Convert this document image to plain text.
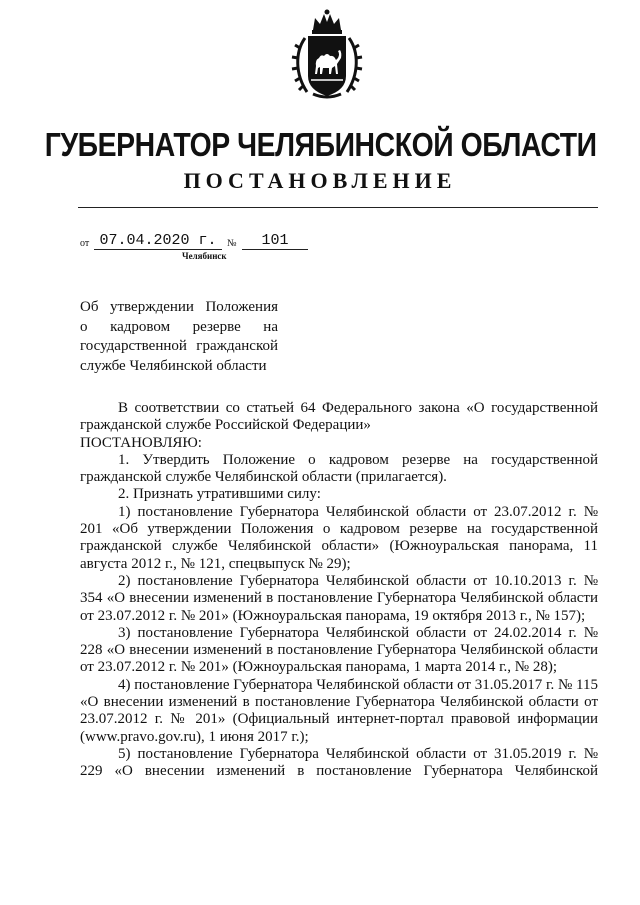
ГУБЕРНАТОР ЧЕЛЯБИНСКОЙ ОБЛАСТИ
ПОСТАНОВЛЕНИЕ
от 07.04.2020 г.	№	101
Челябинск
Об утверждении Положения
о кадровом резерве на
государственной гражданской
службе Челябинской области

В соответствии со статьей 64 Федерального закона «О государственной гражданской службе Российской Федерации»

ПОСТАНОВЛЯЮ:

1. Утвердить Положение о кадровом резерве на государственной гражданской службе Челябинской области (прилагается).

2. Признать утратившими силу:

1) постановление Губернатора Челябинской области от 23.07.2012 г. № 201 «Об утверждении Положения о кадровом резерве на государственной гражданской службе Челябинской области» (Южноуральская панорама, 11 августа 2012 г., № 121, спецвыпуск № 29);

2) постановление Губернатора Челябинской области от 10.10.2013 г. № 354 «О внесении изменений в постановление Губернатора Челябинской области от 23.07.2012 г. № 201» (Южноуральская панорама, 19 октября 2013 г., № 157);

3) постановление Губернатора Челябинской области от 24.02.2014 г. № 228 «О внесении изменений в постановление Губернатора Челябинской области от 23.07.2012 г. № 201» (Южноуральская панорама, 1 марта 2014 г., № 28);

4) постановление Губернатора Челябинской области от 31.05.2017 г. № 115 «О внесении изменений в постановление Губернатора Челябинской области от 23.07.2012 г. № 201» (Официальный интернет-портал правовой информации (www.pravo.gov.ru), 1 июня 2017 г.);

5) постановление Губернатора Челябинской области от 31.05.2019 г. № 229 «О внесении изменений в постановление Губернатора Челябинской
